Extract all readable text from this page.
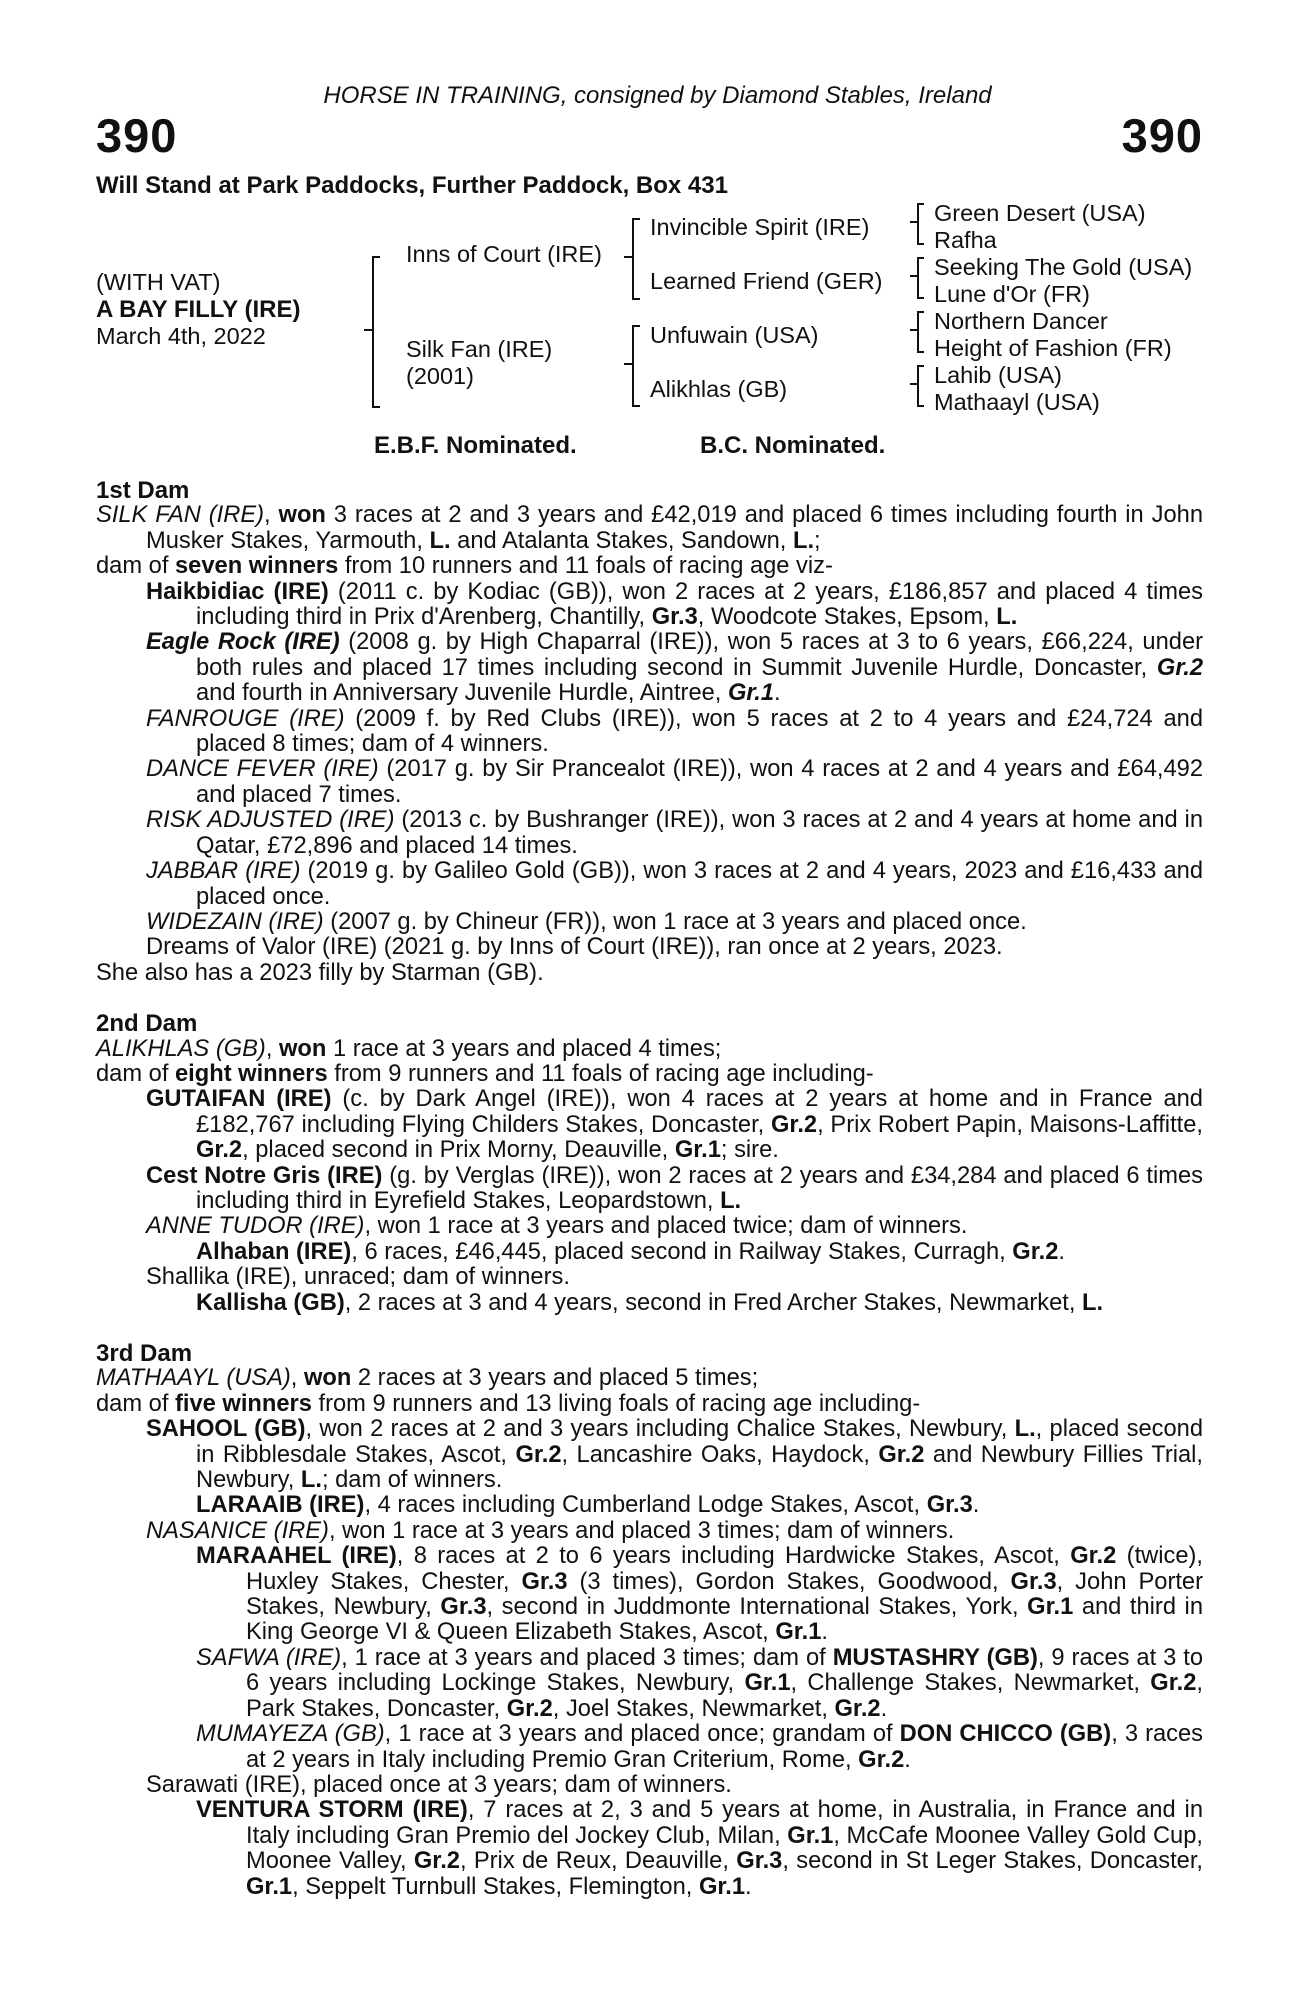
HORSE IN TRAINING, consigned by Diamond Stables, Ireland
390	390
Will Stand at Park Paddocks, Further Paddock, Box 431
(WITH VAT)
A BAY FILLY (IRE)
March 4th, 2022
Inns of Court (IRE)
Silk Fan (IRE)
(2001)
Invincible Spirit (IRE)
Learned Friend (GER)
Unfuwain (USA)
Alikhlas (GB)
Green Desert (USA)
Rafha
Seeking The Gold (USA)
Lune d'Or (FR)
Northern Dancer
Height of Fashion (FR)
Lahib (USA)
Mathaayl (USA)
E.B.F. Nominated.	B.C. Nominated.

1st Dam

SILK FAN (IRE), won 3 races at 2 and 3 years and £42,019 and placed 6 times including fourth in John Musker Stakes, Yarmouth, L. and Atalanta Stakes, Sandown, L.;

dam of seven winners from 10 runners and 11 foals of racing age viz-

Haikbidiac (IRE) (2011 c. by Kodiac (GB)), won 2 races at 2 years, £186,857 and placed 4 times including third in Prix d'Arenberg, Chantilly, Gr.3, Woodcote Stakes, Epsom, L.

Eagle Rock (IRE) (2008 g. by High Chaparral (IRE)), won 5 races at 3 to 6 years, £66,224, under both rules and placed 17 times including second in Summit Juvenile Hurdle, Doncaster, Gr.2 and fourth in Anniversary Juvenile Hurdle, Aintree, Gr.1.

FANROUGE (IRE) (2009 f. by Red Clubs (IRE)), won 5 races at 2 to 4 years and £24,724 and placed 8 times; dam of 4 winners.

DANCE FEVER (IRE) (2017 g. by Sir Prancealot (IRE)), won 4 races at 2 and 4 years and £64,492 and placed 7 times.

RISK ADJUSTED (IRE) (2013 c. by Bushranger (IRE)), won 3 races at 2 and 4 years at home and in Qatar, £72,896 and placed 14 times.

JABBAR (IRE) (2019 g. by Galileo Gold (GB)), won 3 races at 2 and 4 years, 2023 and £16,433 and placed once.

WIDEZAIN (IRE) (2007 g. by Chineur (FR)), won 1 race at 3 years and placed once.

Dreams of Valor (IRE) (2021 g. by Inns of Court (IRE)), ran once at 2 years, 2023.

She also has a 2023 filly by Starman (GB).

2nd Dam

ALIKHLAS (GB), won 1 race at 3 years and placed 4 times;

dam of eight winners from 9 runners and 11 foals of racing age including-

GUTAIFAN (IRE) (c. by Dark Angel (IRE)), won 4 races at 2 years at home and in France and £182,767 including Flying Childers Stakes, Doncaster, Gr.2, Prix Robert Papin, Maisons-Laffitte, Gr.2, placed second in Prix Morny, Deauville, Gr.1; sire.

Cest Notre Gris (IRE) (g. by Verglas (IRE)), won 2 races at 2 years and £34,284 and placed 6 times including third in Eyrefield Stakes, Leopardstown, L.

ANNE TUDOR (IRE), won 1 race at 3 years and placed twice; dam of winners.

Alhaban (IRE), 6 races, £46,445, placed second in Railway Stakes, Curragh, Gr.2.

Shallika (IRE), unraced; dam of winners.

Kallisha (GB), 2 races at 3 and 4 years, second in Fred Archer Stakes, Newmarket, L.

3rd Dam

MATHAAYL (USA), won 2 races at 3 years and placed 5 times;

dam of five winners from 9 runners and 13 living foals of racing age including-

SAHOOL (GB), won 2 races at 2 and 3 years including Chalice Stakes, Newbury, L., placed second in Ribblesdale Stakes, Ascot, Gr.2, Lancashire Oaks, Haydock, Gr.2 and Newbury Fillies Trial, Newbury, L.; dam of winners.

LARAAIB (IRE), 4 races including Cumberland Lodge Stakes, Ascot, Gr.3.

NASANICE (IRE), won 1 race at 3 years and placed 3 times; dam of winners.

MARAAHEL (IRE), 8 races at 2 to 6 years including Hardwicke Stakes, Ascot, Gr.2 (twice), Huxley Stakes, Chester, Gr.3 (3 times), Gordon Stakes, Goodwood, Gr.3, John Porter Stakes, Newbury, Gr.3, second in Juddmonte International Stakes, York, Gr.1 and third in King George VI & Queen Elizabeth Stakes, Ascot, Gr.1.

SAFWA (IRE), 1 race at 3 years and placed 3 times; dam of MUSTASHRY (GB), 9 races at 3 to 6 years including Lockinge Stakes, Newbury, Gr.1, Challenge Stakes, Newmarket, Gr.2, Park Stakes, Doncaster, Gr.2, Joel Stakes, Newmarket, Gr.2.

MUMAYEZA (GB), 1 race at 3 years and placed once; grandam of DON CHICCO (GB), 3 races at 2 years in Italy including Premio Gran Criterium, Rome, Gr.2.

Sarawati (IRE), placed once at 3 years; dam of winners.

VENTURA STORM (IRE), 7 races at 2, 3 and 5 years at home, in Australia, in France and in Italy including Gran Premio del Jockey Club, Milan, Gr.1, McCafe Moonee Valley Gold Cup, Moonee Valley, Gr.2, Prix de Reux, Deauville, Gr.3, second in St Leger Stakes, Doncaster, Gr.1, Seppelt Turnbull Stakes, Flemington, Gr.1.
